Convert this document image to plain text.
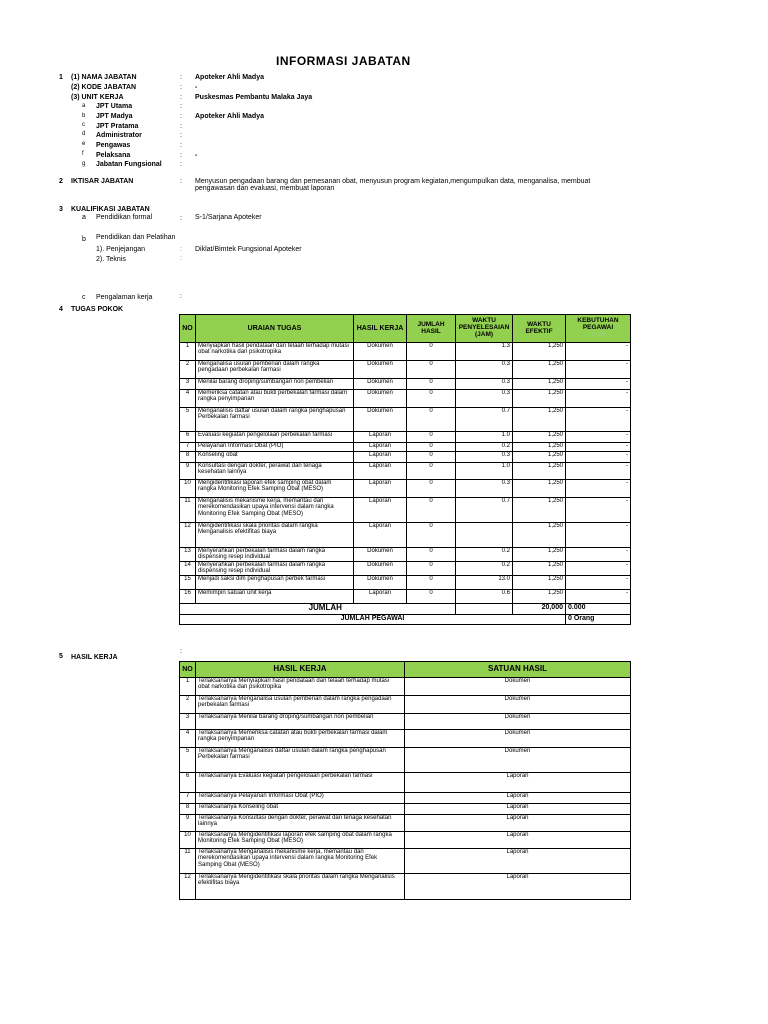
INFORMASI JABATAN
1 (1) NAMA JABATAN	: Apoteker Ahli Madya
(2) KODE JABATAN	: -
(3) UNIT KERJA	: Puskesmas Pembantu Malaka Jaya
a JPT Utama	:
b JPT Madya	: Apoteker Ahli Madya
c JPT Pratama	:
d Administrator	:
e Pengawas	:
f Pelaksana	: -
g Jabatan Fungsional	:
2 IKTISAR JABATAN	: Menyusun pengadaan barang dan pemesanan obat, menyusun program kegiatan,mengumpulkan data, menganalisa, membuat pengawasan dan evaluasi, membuat laporan
3 KUALIFIKASI JABATAN
a Pendidikan formal	: S-1/Sarjana Apoteker
b Pendidikan dan Pelatihan
1). Penjejangan	: Diklat/Bimtek Fungsional Apoteker
2). Teknis	:
c Pengalaman kerja	:
4 TUGAS POKOK
NO	URAIAN TUGAS	HASIL KERJA	JUMLAH HASIL	WAKTU PENYELESAIAN (JAM)	WAKTU EFEKTIF	KEBUTUHAN PEGAWAI
1250

1	Menyiapkan hasil pendataan dan telaah terhadap mutasi obat narkotika dan psikotropika	Dokumen	0	1.3	1,250	-
2	Menganalisa usulan pemberian dalam rangka pengadaan perbekalan farmasi	Dokumen	0	0.3	1,250	-
3	Menilai barang droping/sumbangan non pembelian	Dokumen	0	0.3	1,250	-
4	Memeriksa catatan atau bukti perbekalan farmasi dalam rangka penyimpanan	Dokumen	0	0.3	1,250	-
5	Menganalisis daftar usulan dalam rangka penghapusan Perbekalan farmasi	Dokumen	0	0.7	1,250	-
6	Evaluasi kegiatan pengelolaan perbekalan farmasi	Laporan	0	1.0	1,250	-
7	Pelayanan Informasi Obat (PIO)	Laporan	0	0.2	1,250	-
8	Konseling obat	Laporan	0	0.3	1,250	-
9	Konsultasi dengan dokter, perawat dan tenaga kesehatan lainnya	Laporan	0	1.0	1,250	-
10	Mengidentifikasi laporan efek samping obat dalam rangka Monitoring Efek Samping Obat (MESO)	Laporan	0	0.3	1,250	-
11	Menganalisis mekanisme kerja, memantau dan merekomendasikan upaya intervensi dalam rangka Monitoring Efek Samping Obat (MESO)	Laporan	0	0.7	1,250	-
12	Mengidentifikasi skala prioritas dalam rangka Menganalisis efektifitas biaya	Laporan	0		1,250	-
13	Menyerahkan perbekalan farmasi dalam rangka dispensing resep individual	Dokumen	0	0.2	1,250	-
14	Menyerahkan perbekalan farmasi dalam rangka dispensing resep individual	Dokumen	0	0.2	1,250	-
15	Menjadi saksi dim penghapusan perbek farmasi	Dokumen	0	13.0	1,250	-
16	Memimpin satuan unit kerja	Laporan	0	0.6	1,250	-
	JUMLAH				20,000	0.000
JUMLAH PEGAWAI						0 Orang
5 HASIL KERJA
:
NO	HASIL KERJA	SATUAN HASIL
1	Terlaksananya Menyiapkan hasil pendataan dan telaah terhadap mutasi obat narkotika dan psikotropika	Dokumen
2	Terlaksananya Menganalisa usulan pemberian dalam rangka pengadaan perbekalan farmasi	Dokumen
3	Terlaksananya Menilai barang droping/sumbangan non pembelian	Dokumen
4	Terlaksananya Memeriksa catatan atau bukti perbekalan farmasi dalam rangka penyimpanan	Dokumen
5	Terlaksananya Menganalisis daftar usulan dalam rangka penghapusan Perbekalan farmasi	Dokumen
6	Terlaksananya Evaluasi kegiatan pengelolaan perbekalan farmasi	Laporan
7	Terlaksananya Pelayanan Informasi Obat (PIO)	Laporan
8	Terlaksananya Konseling obat	Laporan
9	Terlaksananya Konsultasi dengan dokter, perawat dan tenaga kesehatan lainnya	Laporan
10	Terlaksananya Mengidentifikasi laporan efek samping obat dalam rangka Monitoring Efek Samping Obat (MESO)	Laporan
11	Terlaksananya Menganalisis mekanisme kerja, memantau dan merekomendasikan upaya intervensi dalam rangka Monitoring Efek Samping Obat (MESO)	Laporan
12	Terlaksananya Mengidentifikasi skala prioritas dalam rangka Menganalisis efektifitas biaya	Laporan
